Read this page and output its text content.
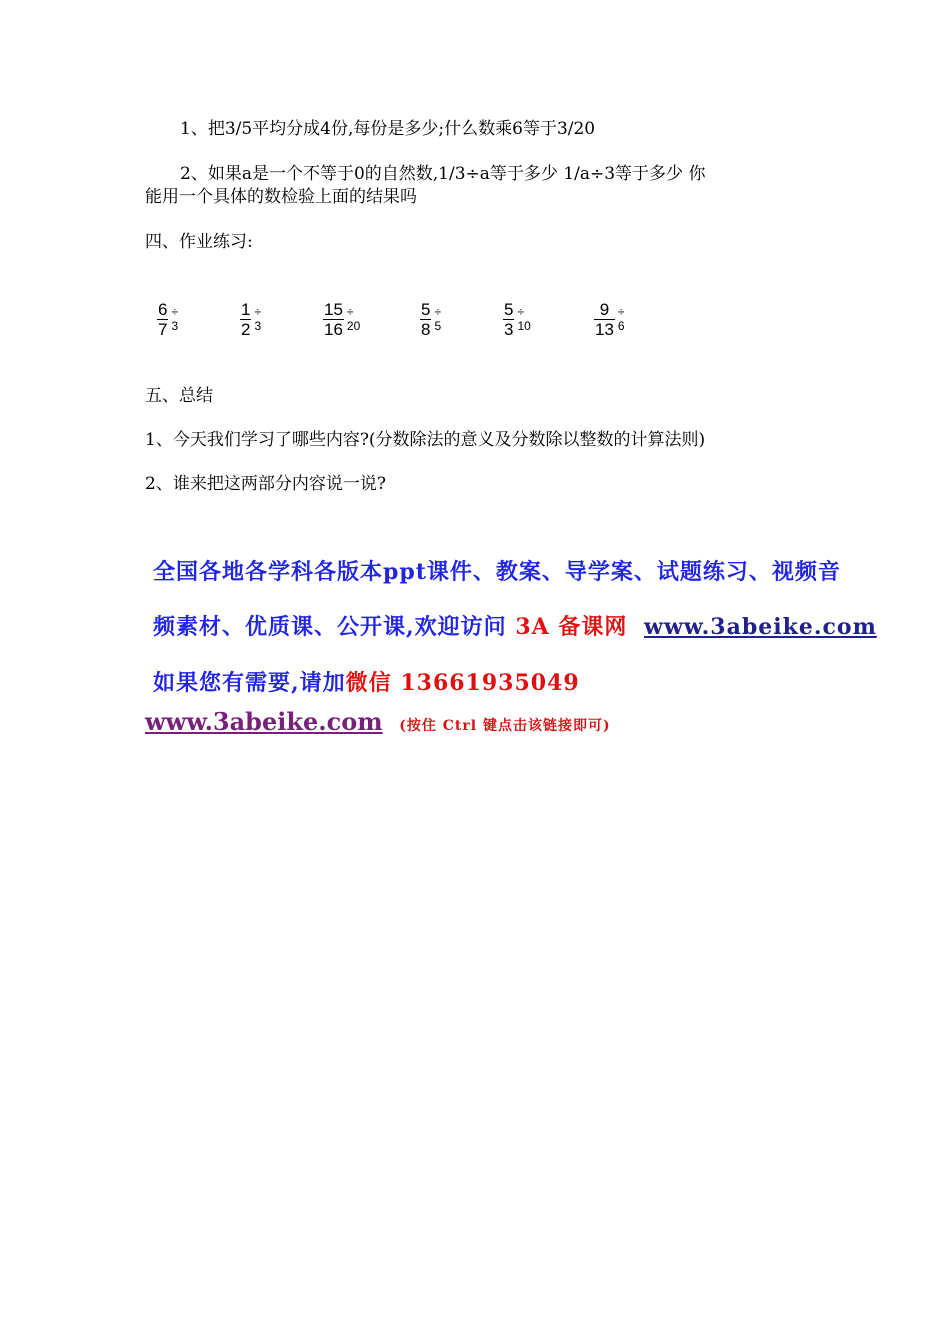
1、把3/5平均分成4份,每份是多少;什么数乘6等于3/20
2、如果a是一个不等于0的自然数,1/3÷a等于多少 1/a÷3等于多少 你
能用一个具体的数检验上面的结果吗
四、作业练习:
$\frac{6}{7} \div 3$	$\frac{1}{2} \div 3$	$\frac{15}{16} \div 20$	$\frac{5}{8} \div 5$	$\frac{5}{3} \div 10$	$\frac{9}{13} \div 6$
五、总结
1、今天我们学习了哪些内容?(分数除法的意义及分数除以整数的计算法则)
2、谁来把这两部分内容说一说?
全国各地各学科各版本ppt课件、教案、导学案、试题练习、视频音
频素材、优质课、公开课,欢迎访问 3A 备课网 www.3abeike.com
如果您有需要,请加微信 13661935049
www.3abeike.com (按住 Ctrl 键点击该链接即可)
